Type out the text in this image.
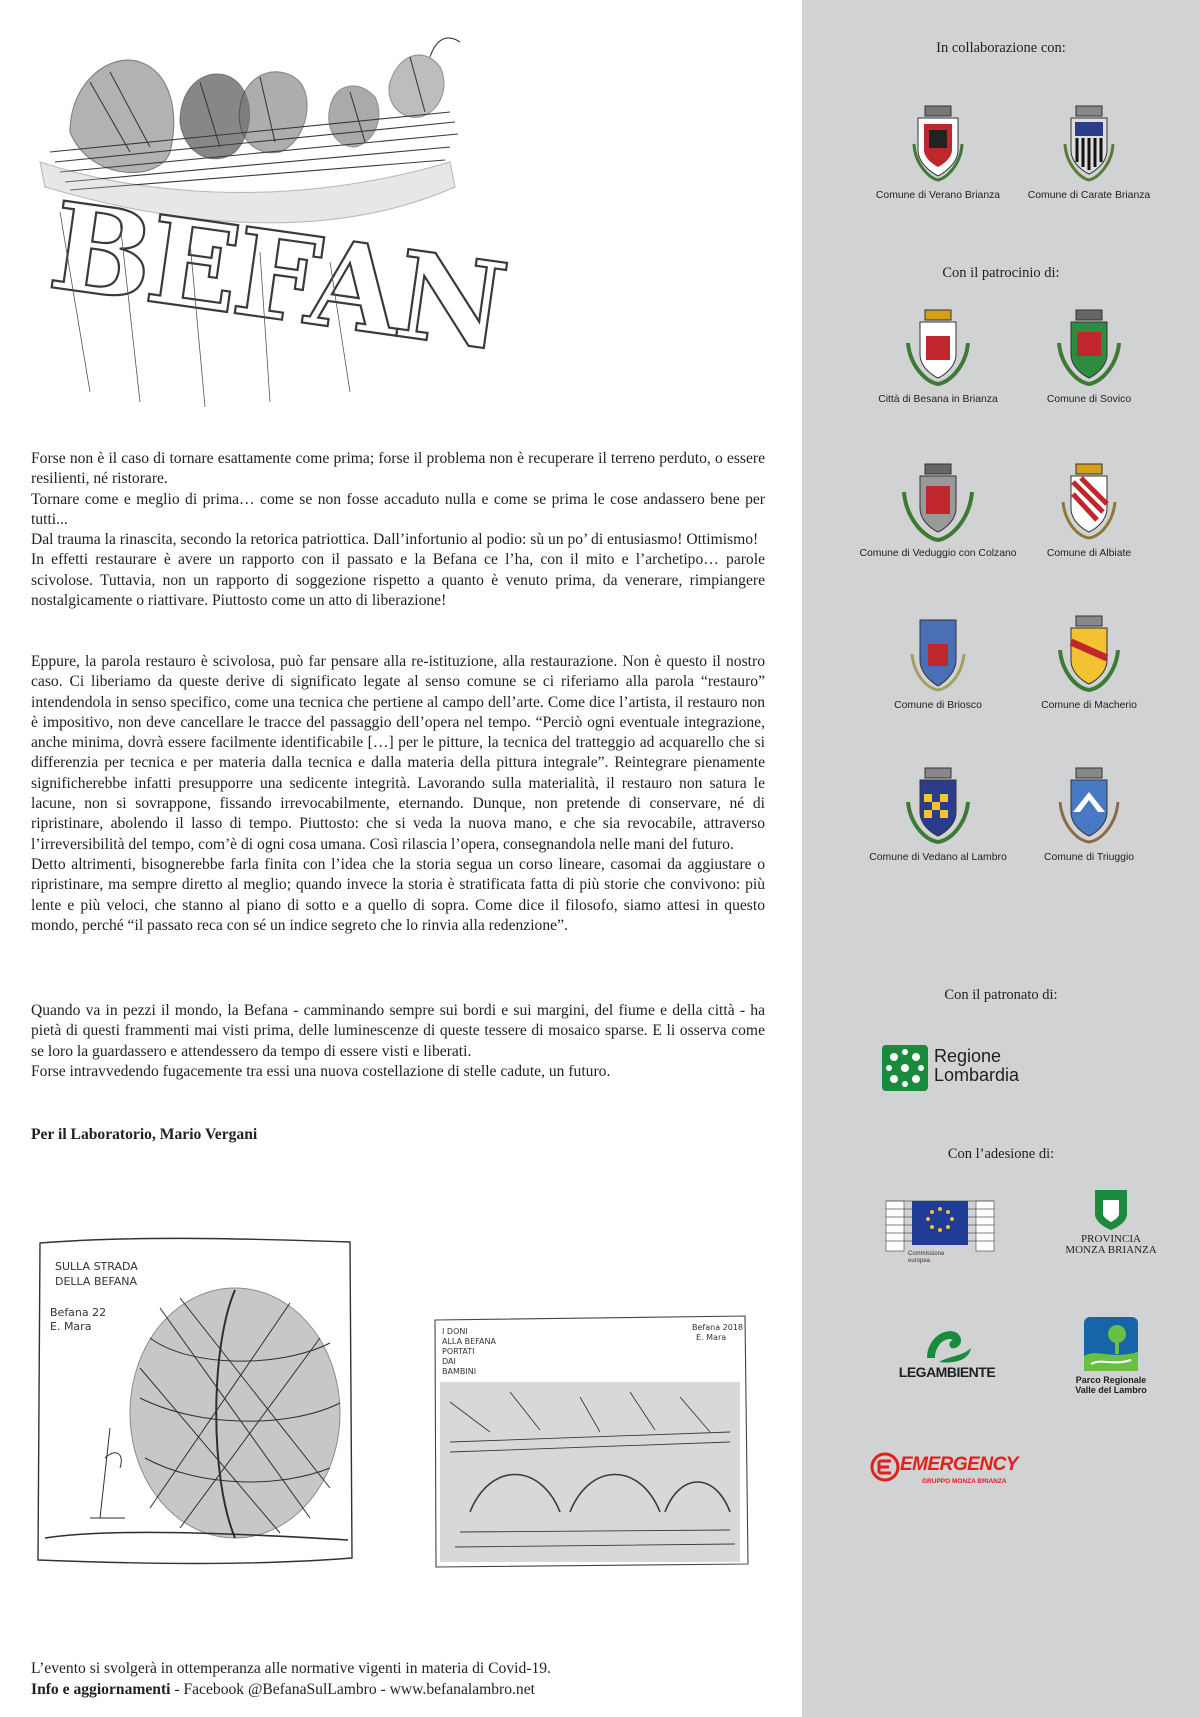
BEFAN

Forse non è il caso di tornare esattamente come prima; forse il problema non è recuperare il terreno perduto, o essere resilienti, né ristorare.

Tornare come e meglio di prima… come se non fosse accaduto nulla e come se prima le cose andassero bene per tutti...

Dal trauma la rinascita, secondo la retorica patriottica. Dall’infortunio al podio: sù un po’ di entusiasmo! Ottimismo!

In effetti restaurare è avere un rapporto con il passato e la Befana ce l’ha, con il mito e l’archetipo… parole scivolose. Tuttavia, non un rapporto di soggezione rispetto a quanto è venuto prima, da venerare, rimpiangere nostalgicamente o riattivare. Piuttosto come un atto di liberazione!

Eppure, la parola restauro è scivolosa, può far pensare alla re-istituzione, alla restaurazione. Non è questo il nostro caso. Ci liberiamo da queste derive di significato legate al senso comune se ci riferiamo alla parola “restauro” intendendola in senso specifico, come una tecnica che pertiene al campo dell’arte. Come dice l’artista, il restauro non è impositivo, non deve cancellare le tracce del passaggio dell’opera nel tempo. “Perciò ogni eventuale integrazione, anche minima, dovrà essere facilmente identificabile […] per le pitture, la tecnica del tratteggio ad acquarello che si differenzia per tecnica e per materia dalla tecnica e dalla materia della pittura integrale”. Reintegrare pienamente significherebbe infatti presupporre una sedicente integrità. Lavorando sulla materialità, il restauro non satura le lacune, non si sovrappone, fissando irrevocabilmente, eternando. Dunque, non pretende di conservare, né di ripristinare, abolendo il lasso di tempo. Piuttosto: che si veda la nuova mano, e che sia revocabile, attraverso l’irreversibilità del tempo, com’è di ogni cosa umana. Così rilascia l’opera, consegnandola nelle mani del futuro.

Detto altrimenti, bisognerebbe farla finita con l’idea che la storia segua un corso lineare, casomai da aggiustare o ripristinare, ma sempre diretto al meglio; quando invece la storia è stratificata fatta di più storie che convivono: più lente e più veloci, che stanno al piano di sotto e a quello di sopra. Come dice il filosofo, siamo attesi in questo mondo, perché “il passato reca con sé un indice segreto che lo rinvia alla redenzione”.

Quando va in pezzi il mondo, la Befana - camminando sempre sui bordi e sui margini, del fiume e della città - ha pietà di questi frammenti mai visti prima, delle luminescenze di queste tessere di mosaico sparse. E li osserva come se loro la guardassero e attendessero da tempo di essere visti e liberati.

Forse intravvedendo fugacemente tra essi una nuova costellazione di stelle cadute, un futuro.

Per il Laboratorio, Mario Vergani
SULLA STRADA
DELLA BEFANA
Befana 22
E. Mara	I DONI
ALLA BEFANA
PORTATI
DAI
BAMBINI
Befana 2018
E. Mara
L’evento si svolgerà in ottemperanza alle normative vigenti in materia di Covid-19.
Info e aggiornamenti - Facebook @BefanaSulLambro - www.befanalambro.net
In collaborazione con:
Comune di Verano Brianza	Comune di Carate Brianza
Con il patrocinio di:
Città di Besana in Brianza	Comune di Sovico
Comune di Veduggio con Colzano	Comune di Albiate
Comune di Briosco	Comune di Macherio
Comune di Vedano al Lambro	Comune di Triuggio
Con il patronato di:
Regione
Lombardia
Con l’adesione di:
Commissione
europea
PROVINCIA
MONZA BRIANZA
LEGAMBIENTE	Parco Regionale
Valle del Lambro
EMERGENCY
GRUPPO MONZA BRIANZA
